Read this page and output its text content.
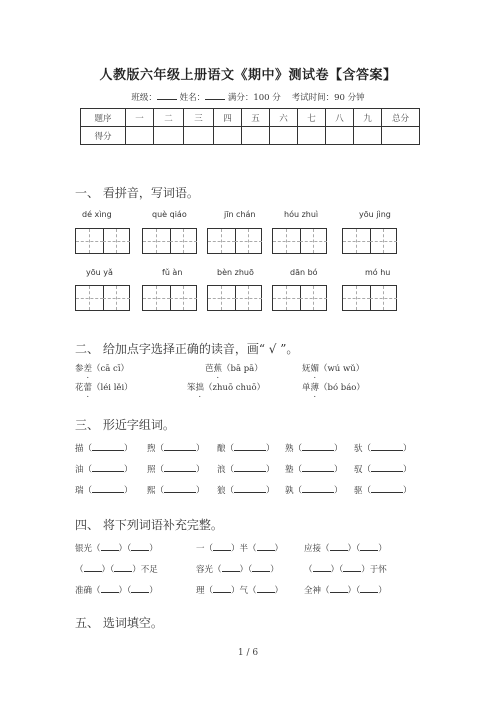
人教版六年级上册语文《期中》测试卷【含答案】
班级：	姓名：	满分：100 分 考试时间：90 分钟
题序	一	二	三	四	五	六	七	八	九	总分
得分										
一、 看拼音，写词语。
dé xìng	què qiáo	jīn chán	hóu zhuì	yōu jìng
yōu yǎ	fǔ àn	bèn zhuō	dān bó	mó hu
二、 给加点字选择正确的读音，画“ √ ”。
参差（cā cī）	芭蕉（bā pā）	妩媚（wú wǔ）
花蕾（léi lěi）	笨拙（zhuō chuō）	单薄（bó báo）
三、 形近字组词。
描（	） 煦（	） 酿（	） 熟（	） 驮（	）
油（	） 照（	） 浪（	） 塾（	） 驭（	）
瑞（	） 熙（	） 狼（	） 孰（	） 驱（	）
四、 将下列词语补充完整。
银光（ ）（ ）	一（ ）半（ ） 应接（ ）（ ）
（ ）（ ）不足	容光（ ）（ ）	（ ）（ ）于怀
准确（ ）（ ）	理（ ）气（ ） 全神（ ）（ ）
五、 选词填空。
1 / 6
